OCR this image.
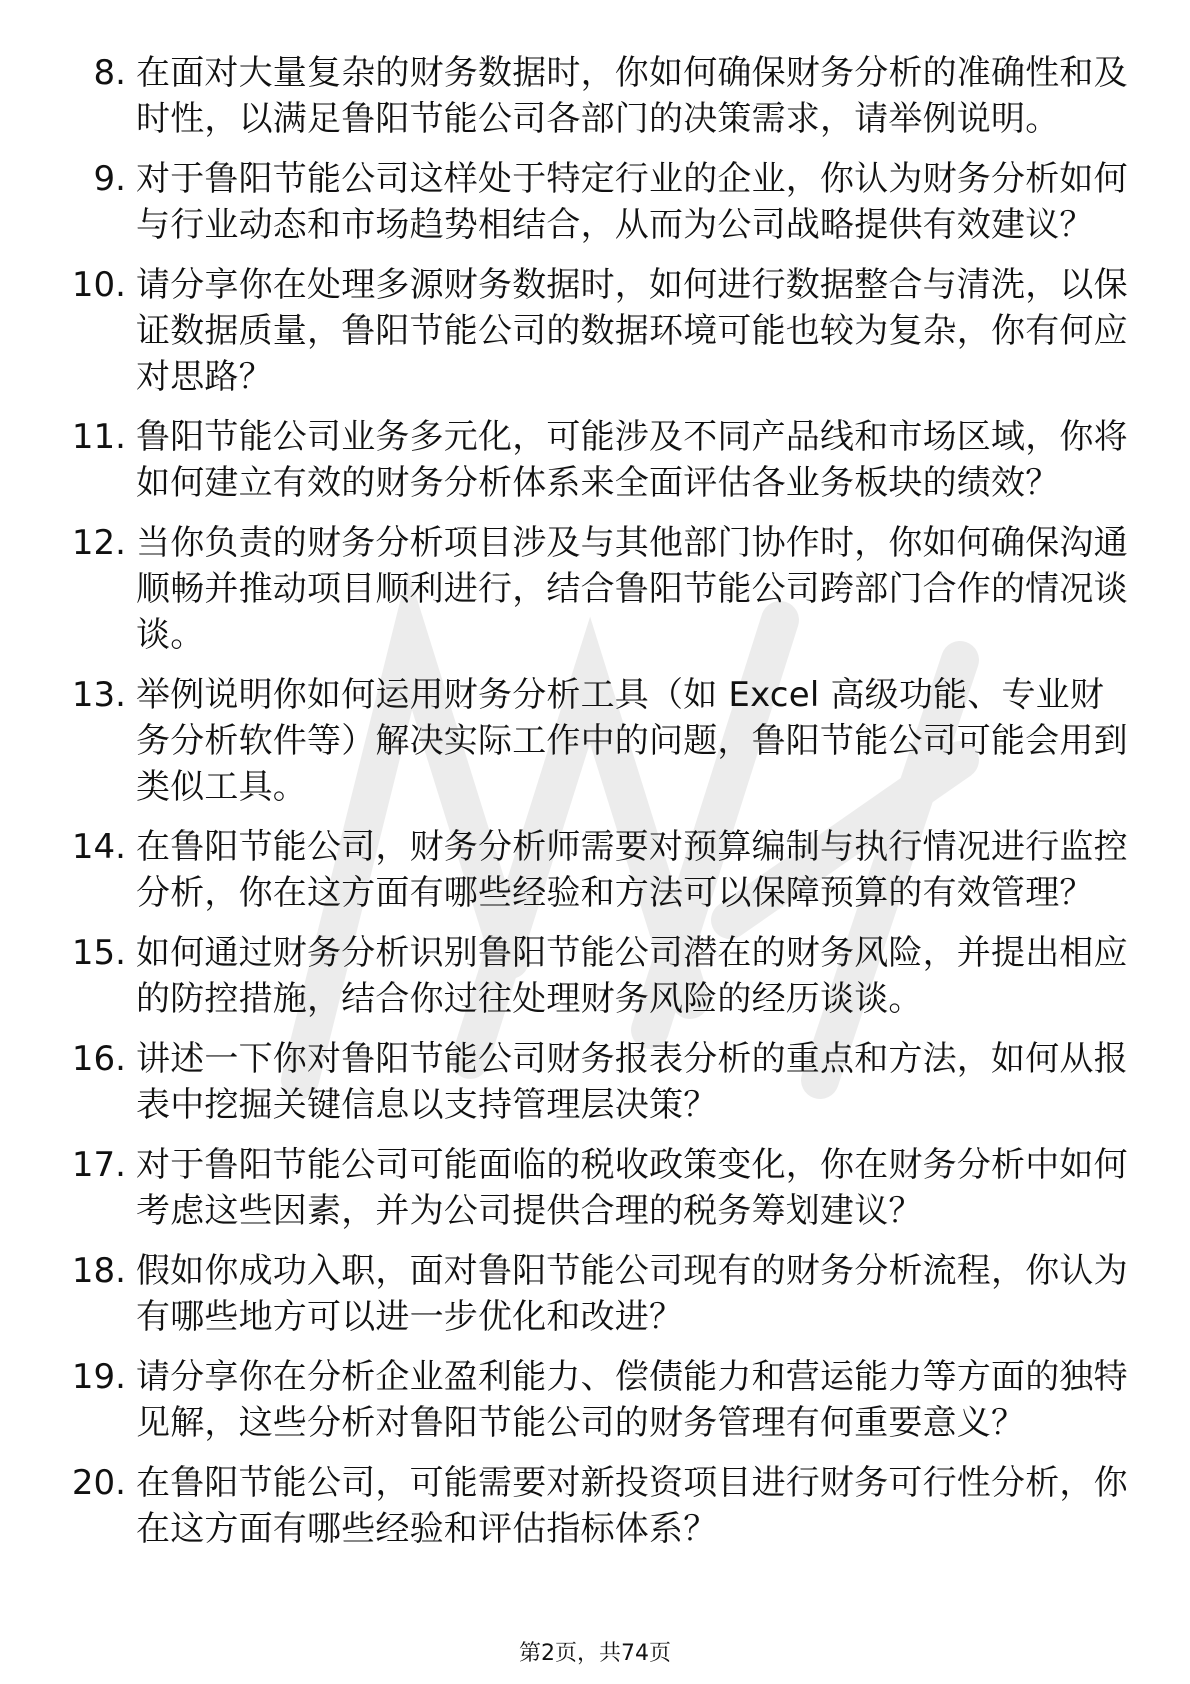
8. 在面对大量复杂的财务数据时，你如何确保财务分析的准确性和及时性，以满足鲁阳节能公司各部门的决策需求，请举例说明。
9. 对于鲁阳节能公司这样处于特定行业的企业，你认为财务分析如何与行业动态和市场趋势相结合，从而为公司战略提供有效建议？
10. 请分享你在处理多源财务数据时，如何进行数据整合与清洗，以保证数据质量，鲁阳节能公司的数据环境可能也较为复杂，你有何应对思路？
11. 鲁阳节能公司业务多元化，可能涉及不同产品线和市场区域，你将如何建立有效的财务分析体系来全面评估各业务板块的绩效？
12. 当你负责的财务分析项目涉及与其他部门协作时，你如何确保沟通顺畅并推动项目顺利进行，结合鲁阳节能公司跨部门合作的情况谈谈。
13. 举例说明你如何运用财务分析工具（如 Excel 高级功能、专业财务分析软件等）解决实际工作中的问题，鲁阳节能公司可能会用到类似工具。
14. 在鲁阳节能公司，财务分析师需要对预算编制与执行情况进行监控分析，你在这方面有哪些经验和方法可以保障预算的有效管理？
15. 如何通过财务分析识别鲁阳节能公司潜在的财务风险，并提出相应的防控措施，结合你过往处理财务风险的经历谈谈。
16. 讲述一下你对鲁阳节能公司财务报表分析的重点和方法，如何从报表中挖掘关键信息以支持管理层决策？
17. 对于鲁阳节能公司可能面临的税收政策变化，你在财务分析中如何考虑这些因素，并为公司提供合理的税务筹划建议？
18. 假如你成功入职，面对鲁阳节能公司现有的财务分析流程，你认为有哪些地方可以进一步优化和改进？
19. 请分享你在分析企业盈利能力、偿债能力和营运能力等方面的独特见解，这些分析对鲁阳节能公司的财务管理有何重要意义？
20. 在鲁阳节能公司，可能需要对新投资项目进行财务可行性分析，你在这方面有哪些经验和评估指标体系？
第2页，共74页
